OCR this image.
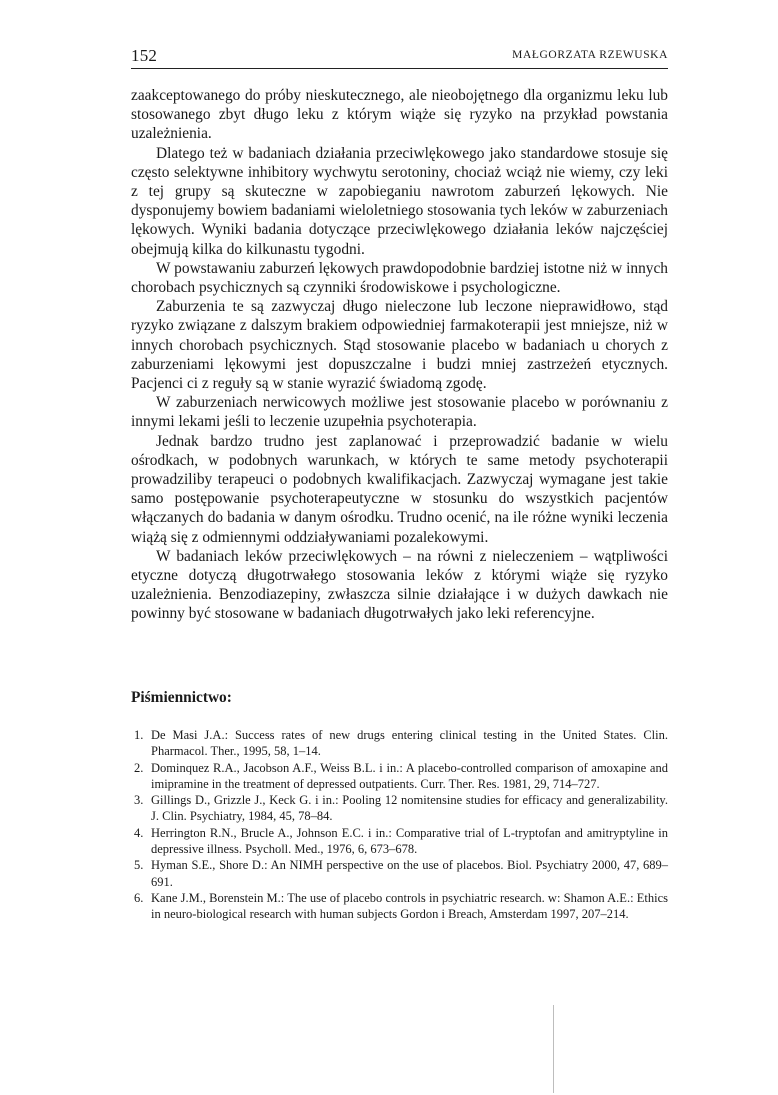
152	MAŁGORZATA RZEWUSKA

zaakceptowanego do próby nieskutecznego, ale nieobojętnego dla organizmu leku lub stosowanego zbyt długo leku z którym wiąże się ryzyko na przykład powstania uzależnienia.

Dlatego też w badaniach działania przeciwlękowego jako standardowe stosuje się często selektywne inhibitory wychwytu serotoniny, chociaż wciąż nie wiemy, czy leki z tej grupy są skuteczne w zapobieganiu nawrotom zaburzeń lękowych. Nie dysponujemy bowiem badaniami wieloletniego stosowania tych leków w zaburzeniach lękowych. Wyniki badania dotyczące przeciwlękowego działania leków najczęściej obejmują kilka do kilkunastu tygodni.

W powstawaniu zaburzeń lękowych prawdopodobnie bardziej istotne niż w innych chorobach psychicznych są czynniki środowiskowe i psychologiczne.

Zaburzenia te są zazwyczaj długo nieleczone lub leczone nieprawidłowo, stąd ryzyko związane z dalszym brakiem odpowiedniej farmakoterapii jest mniejsze, niż w innych chorobach psychicznych. Stąd stosowanie placebo w badaniach u chorych z zaburzeniami lękowymi jest dopuszczalne i budzi mniej zastrzeżeń etycznych. Pacjenci ci z reguły są w stanie wyrazić świadomą zgodę.

W zaburzeniach nerwicowych możliwe jest stosowanie placebo w porównaniu z innymi lekami jeśli to leczenie uzupełnia psychoterapia.

Jednak bardzo trudno jest zaplanować i przeprowadzić badanie w wielu ośrodkach, w podobnych warunkach, w których te same metody psychoterapii prowadziliby terapeuci o podobnych kwalifikacjach. Zazwyczaj wymagane jest takie samo postępowanie psychoterapeutyczne w stosunku do wszystkich pacjentów włączanych do badania w danym ośrodku. Trudno ocenić, na ile różne wyniki leczenia wiążą się z odmiennymi oddziaływaniami pozalekowymi.

W badaniach leków przeciwlękowych – na równi z nieleczeniem – wątpliwości etyczne dotyczą długotrwałego stosowania leków z którymi wiąże się ryzyko uzależnienia. Benzodiazepiny, zwłaszcza silnie działające i w dużych dawkach nie powinny być stosowane w badaniach długotrwałych jako leki referencyjne.

Piśmiennictwo:
1. De Masi J.A.: Success rates of new drugs entering clinical testing in the United States. Clin. Pharmacol. Ther., 1995, 58, 1–14.
2. Dominquez R.A., Jacobson A.F., Weiss B.L. i in.: A placebo-controlled comparison of amoxapine and imipramine in the treatment of depressed outpatients. Curr. Ther. Res. 1981, 29, 714–727.
3. Gillings D., Grizzle J., Keck G. i in.: Pooling 12 nomitensine studies for efficacy and generalizability. J. Clin. Psychiatry, 1984, 45, 78–84.
4. Herrington R.N., Brucle A., Johnson E.C. i in.: Comparative trial of L-tryptofan and amitryptyline in depressive illness. Psycholl. Med., 1976, 6, 673–678.
5. Hyman S.E., Shore D.: An NIMH perspective on the use of placebos. Biol. Psychiatry 2000, 47, 689–691.
6. Kane J.M., Borenstein M.: The use of placebo controls in psychiatric research. w: Shamon A.E.: Ethics in neuro-biological research with human subjects Gordon i Breach, Amsterdam 1997, 207–214.
